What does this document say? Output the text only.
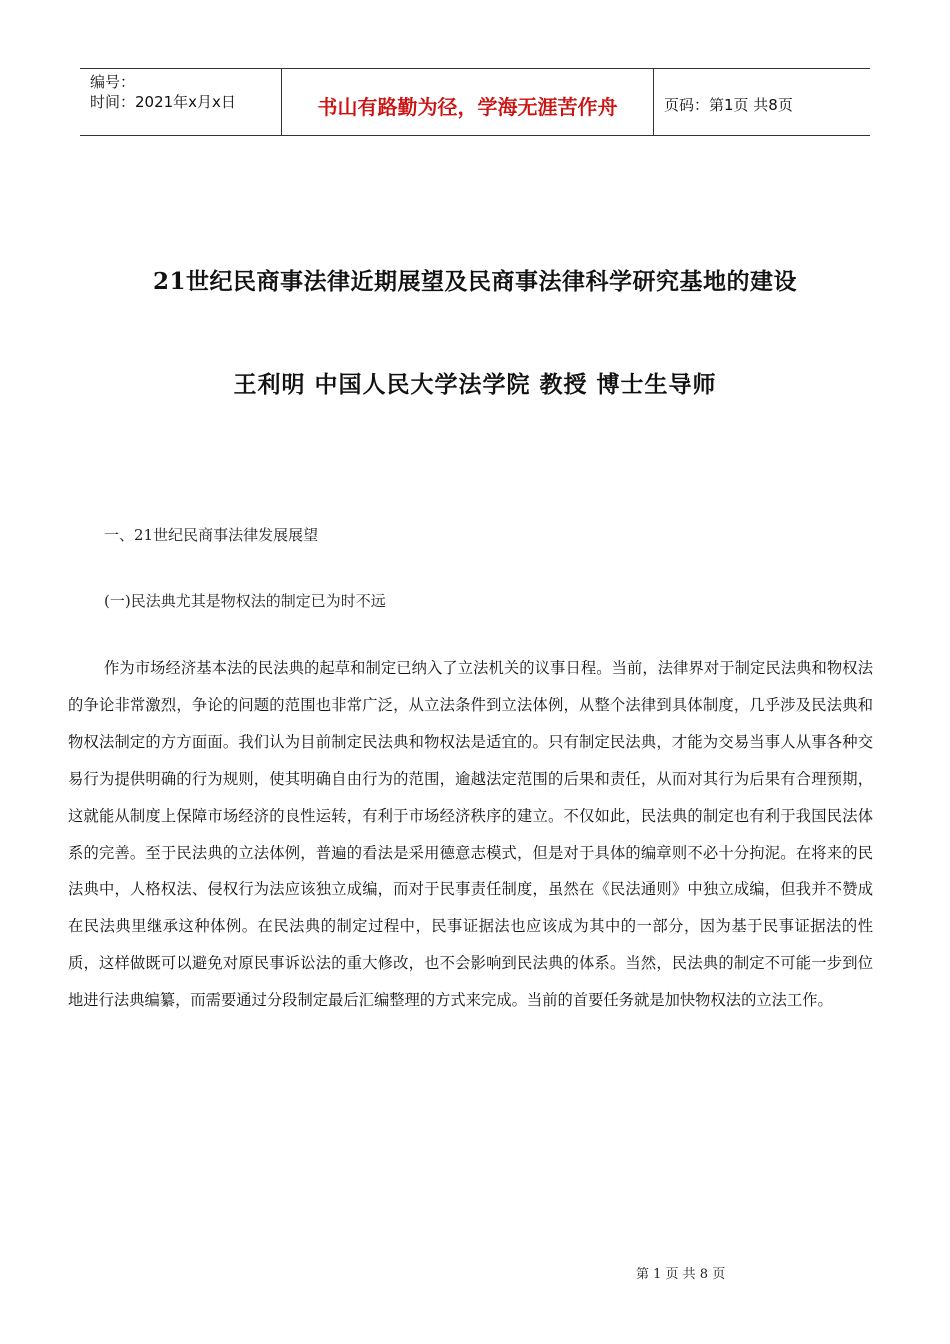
编号：
时间：2021年x月x日	书山有路勤为径，学海无涯苦作舟	页码：第1页 共8页
21世纪民商事法律近期展望及民商事法律科学研究基地的建设
王利明 中国人民大学法学院 教授 博士生导师
一、21世纪民商事法律发展展望
(一)民法典尤其是物权法的制定已为时不远
作为市场经济基本法的民法典的起草和制定已纳入了立法机关的议事日程。当前，法律界对于制定民法典和物权法的争论非常激烈，争论的问题的范围也非常广泛，从立法条件到立法体例，从整个法律到具体制度，几乎涉及民法典和物权法制定的方方面面。我们认为目前制定民法典和物权法是适宜的。只有制定民法典，才能为交易当事人从事各种交易行为提供明确的行为规则，使其明确自由行为的范围，逾越法定范围的后果和责任，从而对其行为后果有合理预期，这就能从制度上保障市场经济的良性运转，有利于市场经济秩序的建立。不仅如此，民法典的制定也有利于我国民法体系的完善。至于民法典的立法体例，普遍的看法是采用德意志模式，但是对于具体的编章则不必十分拘泥。在将来的民法典中，人格权法、侵权行为法应该独立成编，而对于民事责任制度，虽然在《民法通则》中独立成编，但我并不赞成在民法典里继承这种体例。在民法典的制定过程中，民事证据法也应该成为其中的一部分，因为基于民事证据法的性质，这样做既可以避免对原民事诉讼法的重大修改，也不会影响到民法典的体系。当然，民法典的制定不可能一步到位地进行法典编纂，而需要通过分段制定最后汇编整理的方式来完成。当前的首要任务就是加快物权法的立法工作。
第 1 页 共 8 页
